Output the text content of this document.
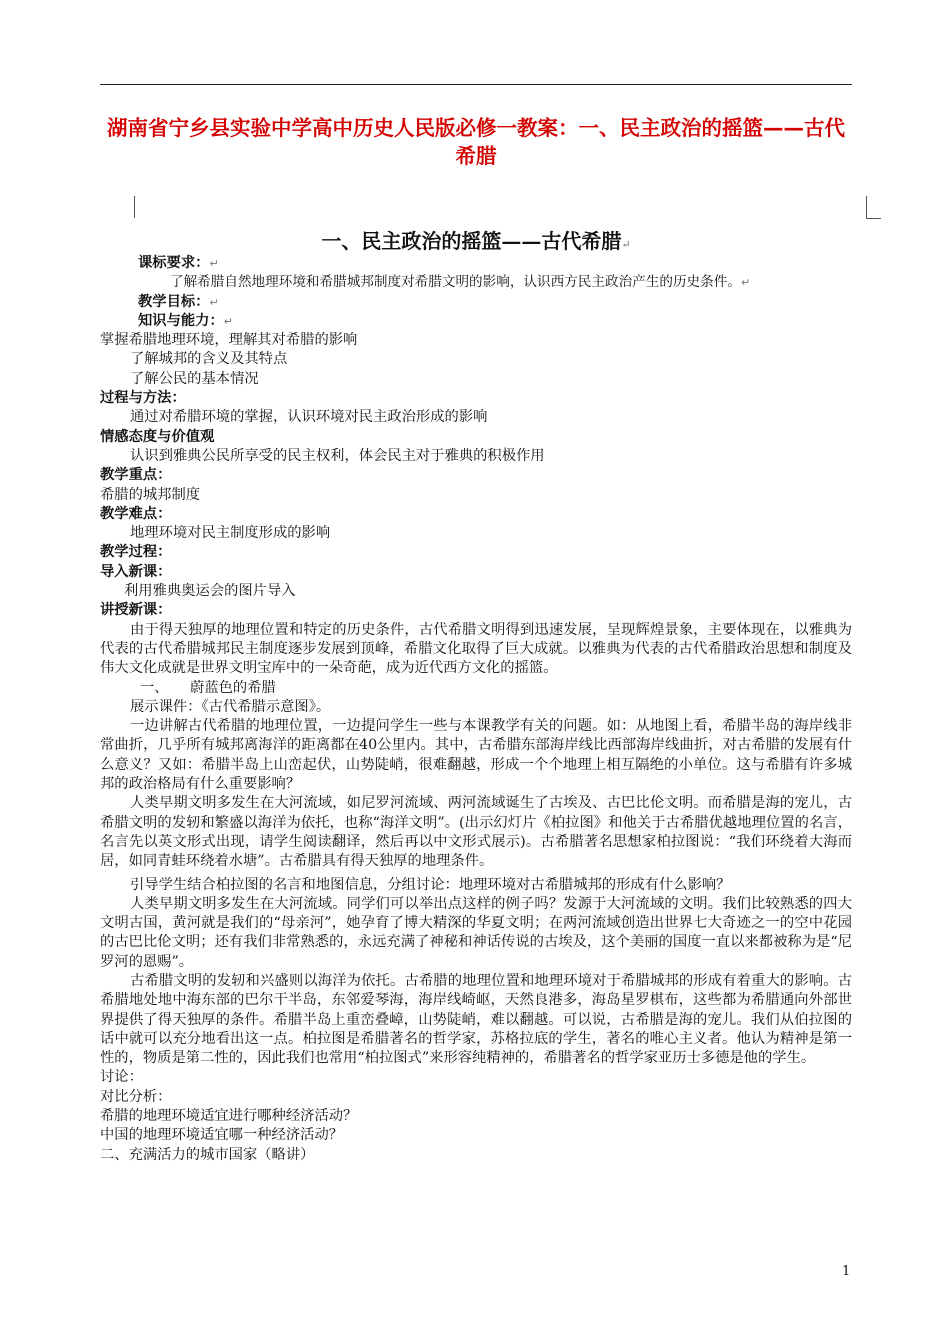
湖南省宁乡县实验中学高中历史人民版必修一教案：一、民主政治的摇篮——古代希腊
一、民主政治的摇篮——古代希腊↵

课标要求：↵

了解希腊自然地理环境和希腊城邦制度对希腊文明的影响，认识西方民主政治产生的历史条件。↵

教学目标：↵

知识与能力：↵

掌握希腊地理环境，理解其对希腊的影响

了解城邦的含义及其特点

了解公民的基本情况

过程与方法：

通过对希腊环境的掌握，认识环境对民主政治形成的影响

情感态度与价值观

认识到雅典公民所享受的民主权利，体会民主对于雅典的积极作用

教学重点：

希腊的城邦制度

教学难点：

地理环境对民主制度形成的影响

教学过程：

导入新课：

利用雅典奥运会的图片导入

讲授新课：

由于得天独厚的地理位置和特定的历史条件，古代希腊文明得到迅速发展，呈现辉煌景象，主要体现在，以雅典为代表的古代希腊城邦民主制度逐步发展到顶峰，希腊文化取得了巨大成就。以雅典为代表的古代希腊政治思想和制度及伟大文化成就是世界文明宝库中的一朵奇葩，成为近代西方文化的摇篮。

一、　　蔚蓝色的希腊

展示课件：《古代希腊示意图》。

一边讲解古代希腊的地理位置，一边提问学生一些与本课教学有关的问题。如：从地图上看，希腊半岛的海岸线非常曲折，几乎所有城邦离海洋的距离都在40公里内。其中，古希腊东部海岸线比西部海岸线曲折，对古希腊的发展有什么意义？又如：希腊半岛上山峦起伏，山势陡峭，很难翻越，形成一个个地理上相互隔绝的小单位。这与希腊有许多城邦的政治格局有什么重要影响？

人类早期文明多发生在大河流域，如尼罗河流域、两河流域诞生了古埃及、古巴比伦文明。而希腊是海的宠儿，古希腊文明的发轫和繁盛以海洋为依托，也称“海洋文明”。(出示幻灯片《柏拉图》和他关于古希腊优越地理位置的名言，名言先以英文形式出现，请学生阅读翻译，然后再以中文形式展示)。古希腊著名思想家柏拉图说：“我们环绕着大海而居，如同青蛙环绕着水塘”。古希腊具有得天独厚的地理条件。

引导学生结合柏拉图的名言和地图信息，分组讨论：地理环境对古希腊城邦的形成有什么影响？

人类早期文明多发生在大河流域。同学们可以举出点这样的例子吗？发源于大河流域的文明。我们比较熟悉的四大文明古国，黄河就是我们的“母亲河”，她孕育了博大精深的华夏文明；在两河流域创造出世界七大奇迹之一的空中花园的古巴比伦文明；还有我们非常熟悉的，永远充满了神秘和神话传说的古埃及，这个美丽的国度一直以来都被称为是“尼罗河的恩赐”。

古希腊文明的发轫和兴盛则以海洋为依托。古希腊的地理位置和地理环境对于希腊城邦的形成有着重大的影响。古希腊地处地中海东部的巴尔干半岛，东邻爱琴海，海岸线崎岖，天然良港多，海岛星罗棋布，这些都为希腊通向外部世界提供了得天独厚的条件。希腊半岛上重峦叠嶂，山势陡峭，难以翻越。可以说，古希腊是海的宠儿。我们从伯拉图的话中就可以充分地看出这一点。柏拉图是希腊著名的哲学家，苏格拉底的学生，著名的唯心主义者。他认为精神是第一性的，物质是第二性的，因此我们也常用“柏拉图式”来形容纯精神的，希腊著名的哲学家亚历士多德是他的学生。

讨论：

对比分析：

希腊的地理环境适宜进行哪种经济活动？

中国的地理环境适宜哪一种经济活动？

二、充满活力的城市国家（略讲）

1
